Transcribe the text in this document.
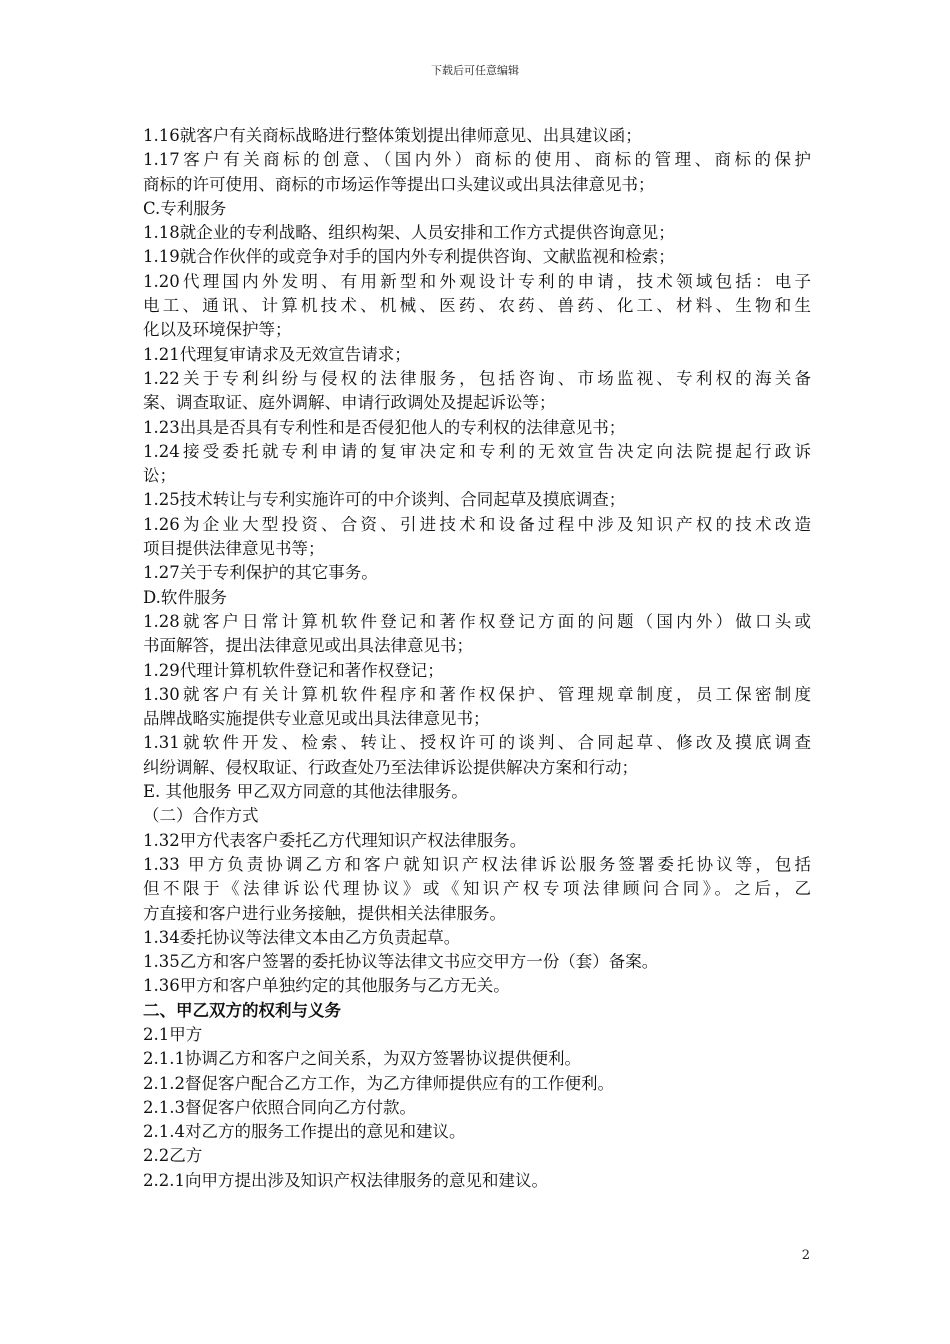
下载后可任意编辑
1.16就客户有关商标战略进行整体策划提出律师意见、出具建议函；
1.17客户有关商标的创意、（国内外）商标的使用、商标的管理、商标的保护
商标的许可使用、商标的市场运作等提出口头建议或出具法律意见书；
C.专利服务
1.18就企业的专利战略、组织构架、人员安排和工作方式提供咨询意见；
1.19就合作伙伴的或竞争对手的国内外专利提供咨询、文献监视和检索；
1.20代理国内外发明、有用新型和外观设计专利的申请，技术领域包括：电子
电工、通讯、计算机技术、机械、医药、农药、兽药、化工、材料、生物和生
化以及环境保护等；
1.21代理复审请求及无效宣告请求；
1.22关于专利纠纷与侵权的法律服务，包括咨询、市场监视、专利权的海关备
案、调查取证、庭外调解、申请行政调处及提起诉讼等；
1.23出具是否具有专利性和是否侵犯他人的专利权的法律意见书；
1.24接受委托就专利申请的复审决定和专利的无效宣告决定向法院提起行政诉
讼；
1.25技术转让与专利实施许可的中介谈判、合同起草及摸底调查；
1.26为企业大型投资、合资、引进技术和设备过程中涉及知识产权的技术改造
项目提供法律意见书等；
1.27关于专利保护的其它事务。
D.软件服务
1.28就客户日常计算机软件登记和著作权登记方面的问题（国内外）做口头或
书面解答，提出法律意见或出具法律意见书；
1.29代理计算机软件登记和著作权登记；
1.30就客户有关计算机软件程序和著作权保护、管理规章制度，员工保密制度
品牌战略实施提供专业意见或出具法律意见书；
1.31就软件开发、检索、转让、授权许可的谈判、合同起草、修改及摸底调查
纠纷调解、侵权取证、行政查处乃至法律诉讼提供解决方案和行动；
E. 其他服务 甲乙双方同意的其他法律服务。
（二）合作方式
1.32甲方代表客户委托乙方代理知识产权法律服务。
1.33 甲方负责协调乙方和客户就知识产权法律诉讼服务签署委托协议等，包括
但不限于《法律诉讼代理协议》或《知识产权专项法律顾问合同》。之后，乙
方直接和客户进行业务接触，提供相关法律服务。
1.34委托协议等法律文本由乙方负责起草。
1.35乙方和客户签署的委托协议等法律文书应交甲方一份（套）备案。
1.36甲方和客户单独约定的其他服务与乙方无关。
二、甲乙双方的权利与义务
2.1甲方
2.1.1协调乙方和客户之间关系，为双方签署协议提供便利。
2.1.2督促客户配合乙方工作，为乙方律师提供应有的工作便利。
2.1.3督促客户依照合同向乙方付款。
2.1.4对乙方的服务工作提出的意见和建议。
2.2乙方
2.2.1向甲方提出涉及知识产权法律服务的意见和建议。
2
